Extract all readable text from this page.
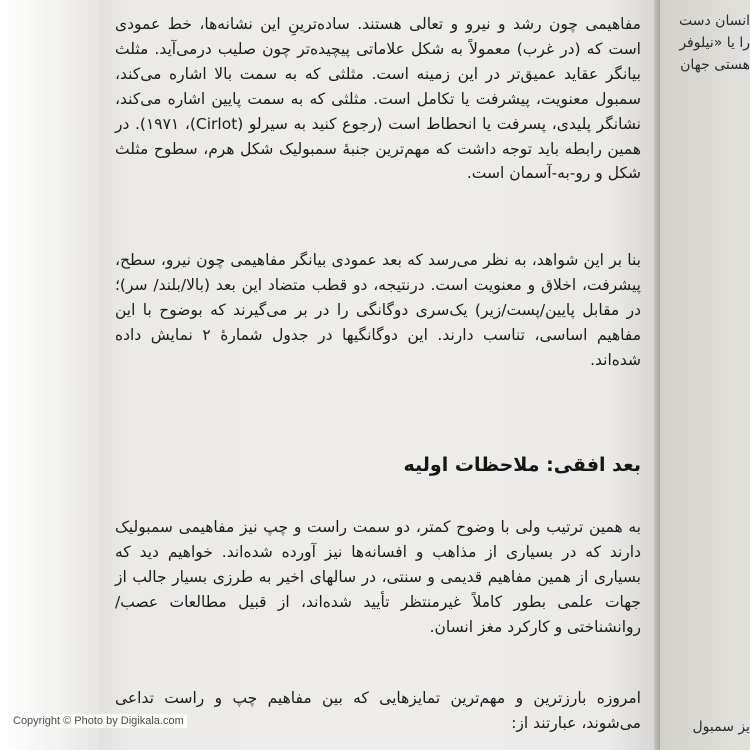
انسان دست
را یا «نیلوفر
هستی جهان
یز سمبول
مفاهیمی چون رشد و نیرو و تعالی هستند. ساده‌ترینِ این نشانه‌ها، خط عمودی است که (در غرب) معمولاً به شکل علاماتی پیچیده‌تر چون صلیب درمی‌آید. مثلث بیانگر عقاید عمیق‌تر در این زمینه است. مثلثی که به سمت بالا اشاره می‌کند، سمبول معنویت، پیشرفت یا تکامل است. مثلثی که به سمت پایین اشاره می‌کند، نشانگر پلیدی، پسرفت یا انحطاط است (رجوع کنید به سیرلو (Cirlot)، ۱۹۷۱). در همین رابطه باید توجه داشت که مهم‌ترین جنبهٔ سمبولیک شکل هرم، سطوح مثلث شکل و رو-به-آسمان است.
بنا بر این شواهد، به نظر می‌رسد که بعد عمودی بیانگر مفاهیمی چون نیرو، سطح، پیشرفت، اخلاق و معنویت است. درنتیجه، دو قطب متضاد این بعد (بالا/بلند/ سر)؛ در مقابل پایین/پست/زیر) یک‌سری دوگانگی را در بر می‌گیرند که بوضوح با این مفاهیم اساسی، تناسب دارند. این دوگانگیها در جدول شمارهٔ ۲ نمایش داده شده‌اند.
بعد افقی: ملاحظات اولیه
به همین ترتیب ولی با وضوح کمتر، دو سمت راست و چپ نیز مفاهیمی سمبولیک دارند که در بسیاری از مذاهب و افسانه‌ها نیز آورده شده‌اند. خواهیم دید که بسیاری از همین مفاهیم قدیمی و سنتی، در سالهای اخیر به طرزی بسیار جالب از جهات علمی بطور کاملاً غیرمنتظر تأیید شده‌اند، از قبیل مطالعات عصب/روانشناختی و کارکرد مغز انسان.
امروزه بارزترین و مهم‌ترین تمایزهایی که بین مفاهیم چپ و راست تداعی می‌شوند، عبارتند از:
Copyright © Photo by Digikala.com
